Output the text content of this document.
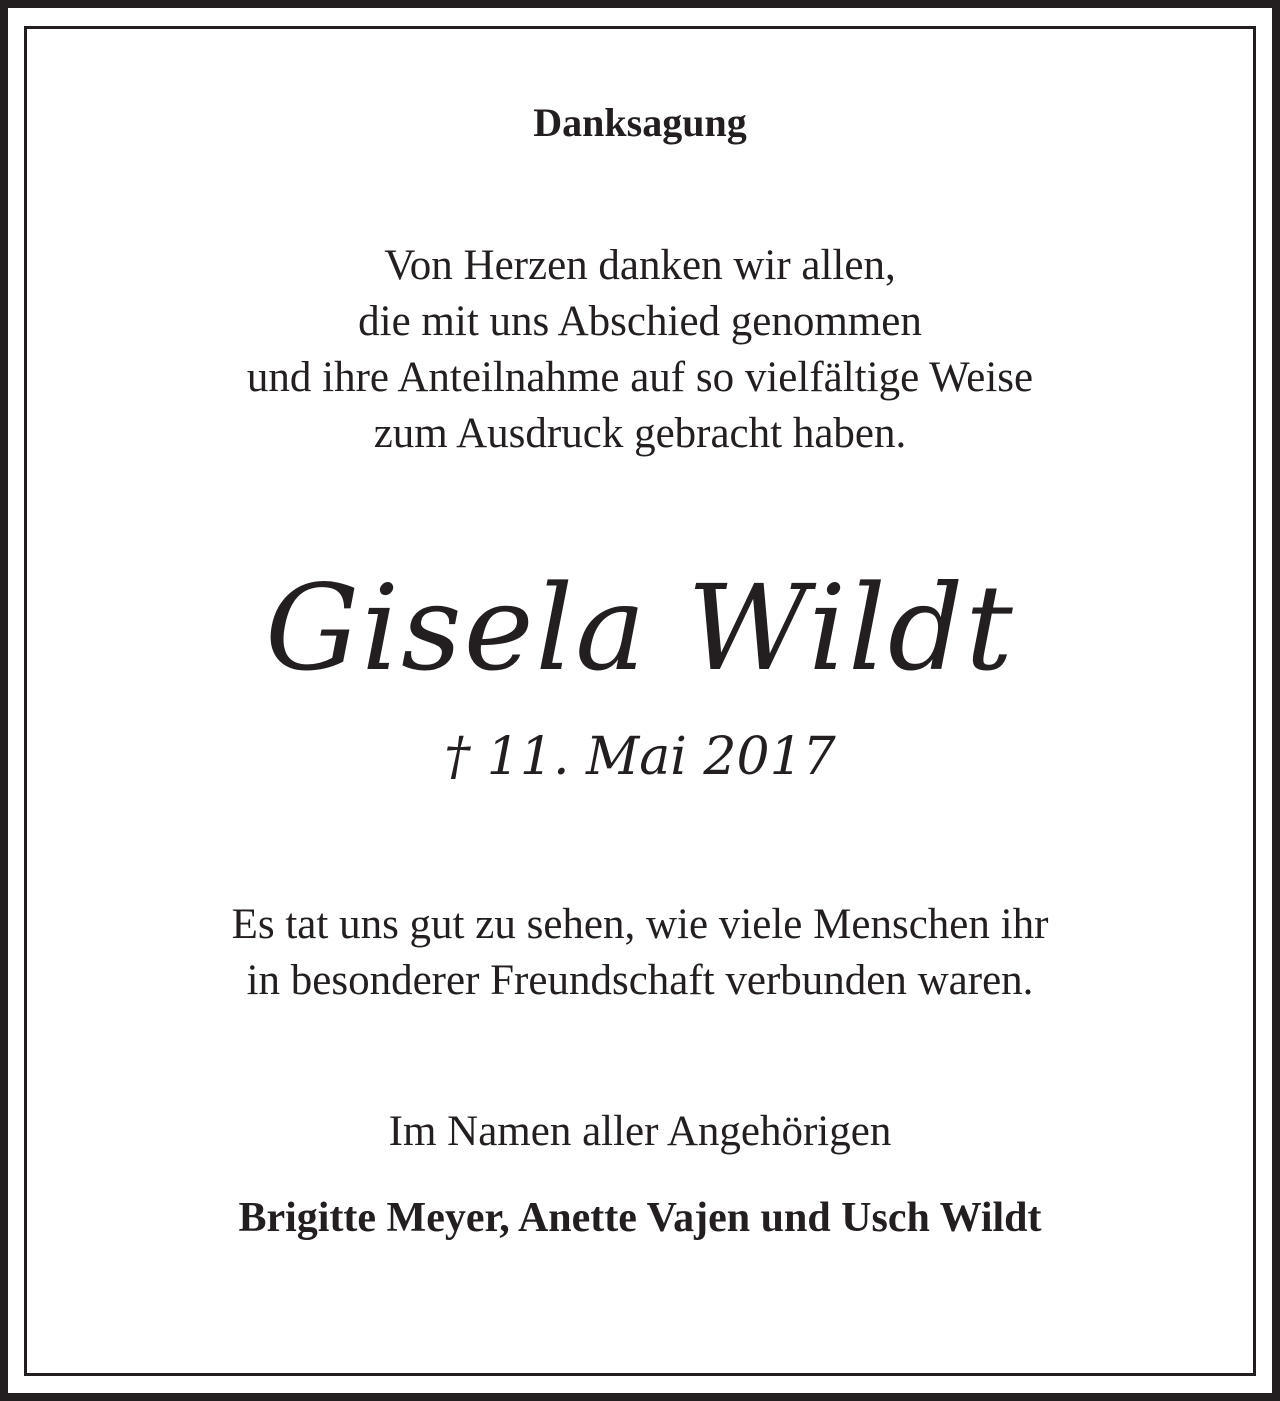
Danksagung
Von Herzen danken wir allen,
die mit uns Abschied genommen
und ihre Anteilnahme auf so vielfältige Weise
zum Ausdruck gebracht haben.
Gisela Wildt
† 11. Mai 2017
Es tat uns gut zu sehen, wie viele Menschen ihr
in besonderer Freundschaft verbunden waren.
Im Namen aller Angehörigen
Brigitte Meyer, Anette Vajen und Usch Wildt
